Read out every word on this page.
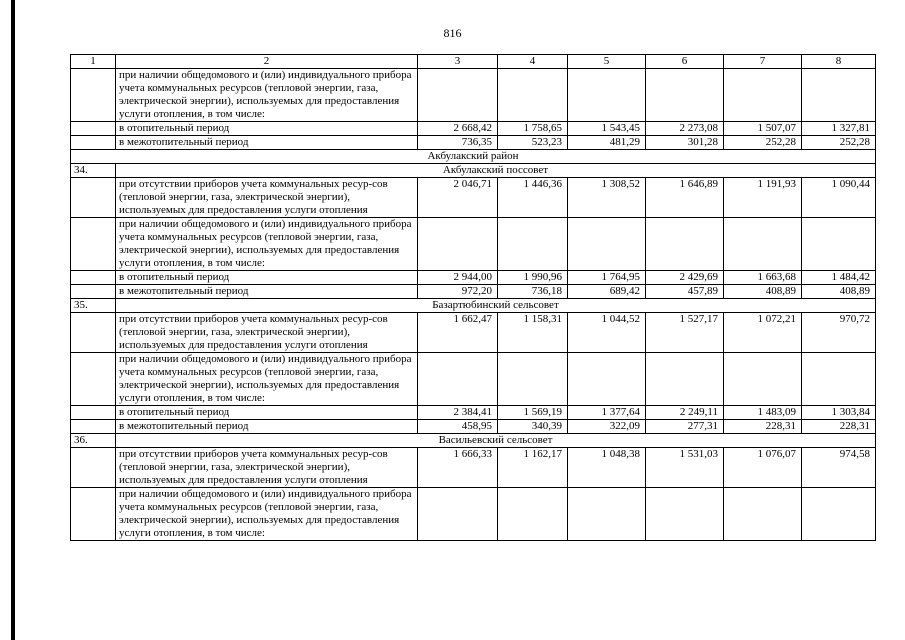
816
1	2	3	4	5	6	7	8
	при наличии общедомового и (или) индивидуального прибора учета коммунальных ресурсов (тепловой энергии, газа, электрической энергии), используемых для предоставления услуги отопления, в том числе:						
	в отопительный период	2 668,42	1 758,65	1 543,45	2 273,08	1 507,07	1 327,81
	в межотопительный период	736,35	523,23	481,29	301,28	252,28	252,28
Акбулакский район							
34.	Акбулакский поссовет						
	при отсутствии приборов учета коммунальных ресур-сов (тепловой энергии, газа, электрической энергии), используемых для предоставления услуги отопления	2 046,71	1 446,36	1 308,52	1 646,89	1 191,93	1 090,44
	при наличии общедомового и (или) индивидуального прибора учета коммунальных ресурсов (тепловой энергии, газа, электрической энергии), используемых для предоставления услуги отопления, в том числе:						
	в отопительный период	2 944,00	1 990,96	1 764,95	2 429,69	1 663,68	1 484,42
	в межотопительный период	972,20	736,18	689,42	457,89	408,89	408,89
35.	Базартюбинский сельсовет						
	при отсутствии приборов учета коммунальных ресур-сов (тепловой энергии, газа, электрической энергии), используемых для предоставления услуги отопления	1 662,47	1 158,31	1 044,52	1 527,17	1 072,21	970,72
	при наличии общедомового и (или) индивидуального прибора учета коммунальных ресурсов (тепловой энергии, газа, электрической энергии), используемых для предоставления услуги отопления, в том числе:						
	в отопительный период	2 384,41	1 569,19	1 377,64	2 249,11	1 483,09	1 303,84
	в межотопительный период	458,95	340,39	322,09	277,31	228,31	228,31
36.	Васильевский сельсовет						
	при отсутствии приборов учета коммунальных ресур-сов (тепловой энергии, газа, электрической энергии), используемых для предоставления услуги отопления	1 666,33	1 162,17	1 048,38	1 531,03	1 076,07	974,58
	при наличии общедомового и (или) индивидуального прибора учета коммунальных ресурсов (тепловой энергии, газа, электрической энергии), используемых для предоставления услуги отопления, в том числе:						
